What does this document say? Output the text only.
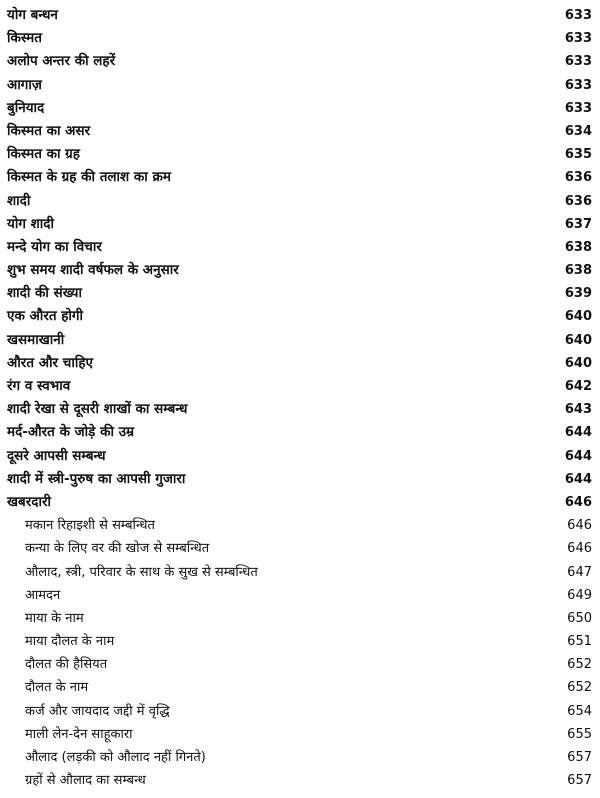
योग बन्धन	633
किस्मत	633
अलोप अन्तर की लहरें	633
आगाज़	633
बुनियाद	633
किस्मत का असर	634
किस्मत का ग्रह	635
किस्मत के ग्रह की तलाश का क्रम	636
शादी	636
योग शादी	637
मन्दे योग का विचार	638
शुभ समय शादी वर्षफल के अनुसार	638
शादी की संख्या	639
एक औरत होगी	640
खसमाखानी	640
औरत और चाहिए	640
रंग व स्वभाव	642
शादी रेखा से दूसरी शाखों का सम्बन्ध	643
मर्द-औरत के जोड़े की उम्र	644
दूसरे आपसी सम्बन्ध	644
शादी में स्त्री-पुरुष का आपसी गुजारा	644
खबरदारी	646
मकान रिहाइशी से सम्बन्धित	646
कन्या के लिए वर की खोज से सम्बन्धित	646
औलाद, स्त्री, परिवार के साथ के सुख से सम्बन्धित	647
आमदन	649
माया के नाम	650
माया दौलत के नाम	651
दौलत की हैसियत	652
दौलत के नाम	652
कर्ज और जायदाद जद्दी में वृद्धि	654
माली लेन-देन साहूकारा	655
औलाद (लड़की को औलाद नहीं गिनते)	657
ग्रहों से औलाद का सम्बन्ध	657
